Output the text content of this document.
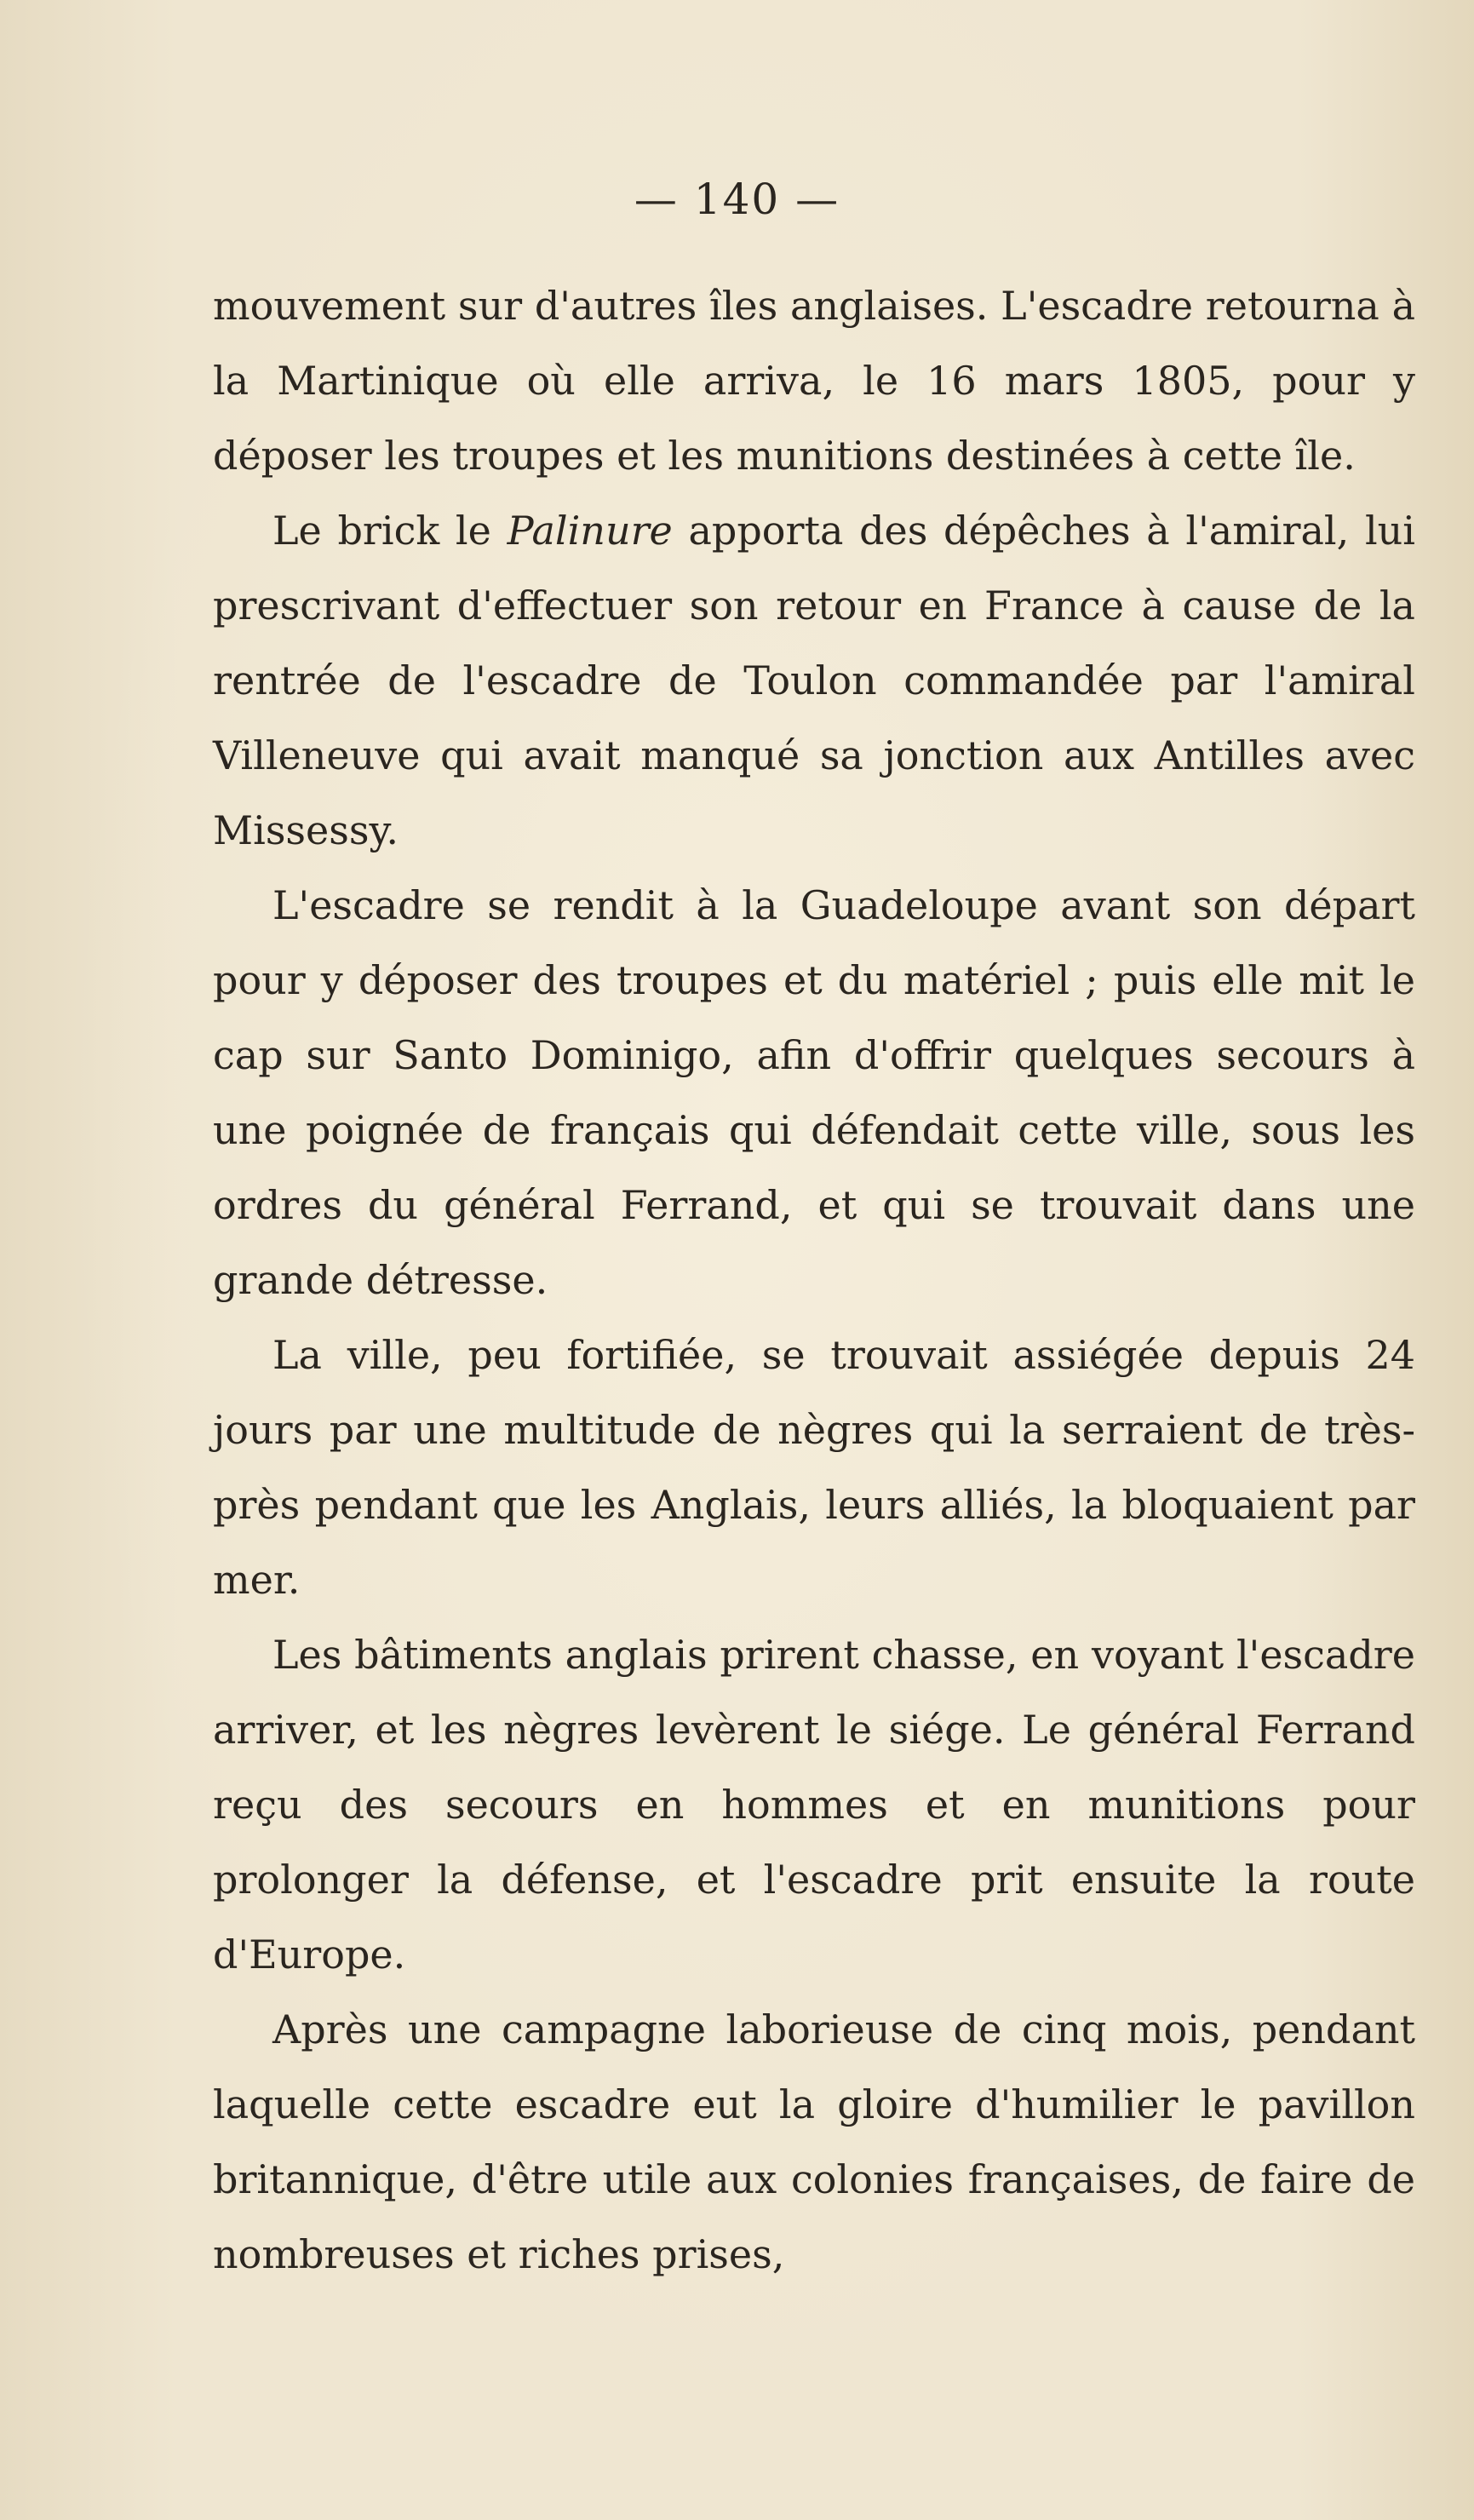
— 140 —

mouvement sur d'autres îles anglaises. L'escadre retourna à la Martinique où elle arriva, le 16 mars 1805, pour y déposer les troupes et les munitions destinées à cette île.

Le brick le Palinure apporta des dépêches à l'amiral, lui prescrivant d'effectuer son retour en France à cause de la rentrée de l'escadre de Toulon commandée par l'amiral Villeneuve qui avait manqué sa jonction aux Antilles avec Missessy.

L'escadre se rendit à la Guadeloupe avant son départ pour y déposer des troupes et du matériel ; puis elle mit le cap sur Santo Dominigo, afin d'offrir quelques secours à une poignée de français qui défendait cette ville, sous les ordres du général Ferrand, et qui se trouvait dans une grande détresse.

La ville, peu fortifiée, se trouvait assiégée depuis 24 jours par une multitude de nègres qui la serraient de très-près pendant que les Anglais, leurs alliés, la bloquaient par mer.

Les bâtiments anglais prirent chasse, en voyant l'escadre arriver, et les nègres levèrent le siége. Le général Ferrand reçu des secours en hommes et en munitions pour prolonger la défense, et l'escadre prit ensuite la route d'Europe.

Après une campagne laborieuse de cinq mois, pendant laquelle cette escadre eut la gloire d'humilier le pavillon britannique, d'être utile aux colonies françaises, de faire de nombreuses et riches prises,
